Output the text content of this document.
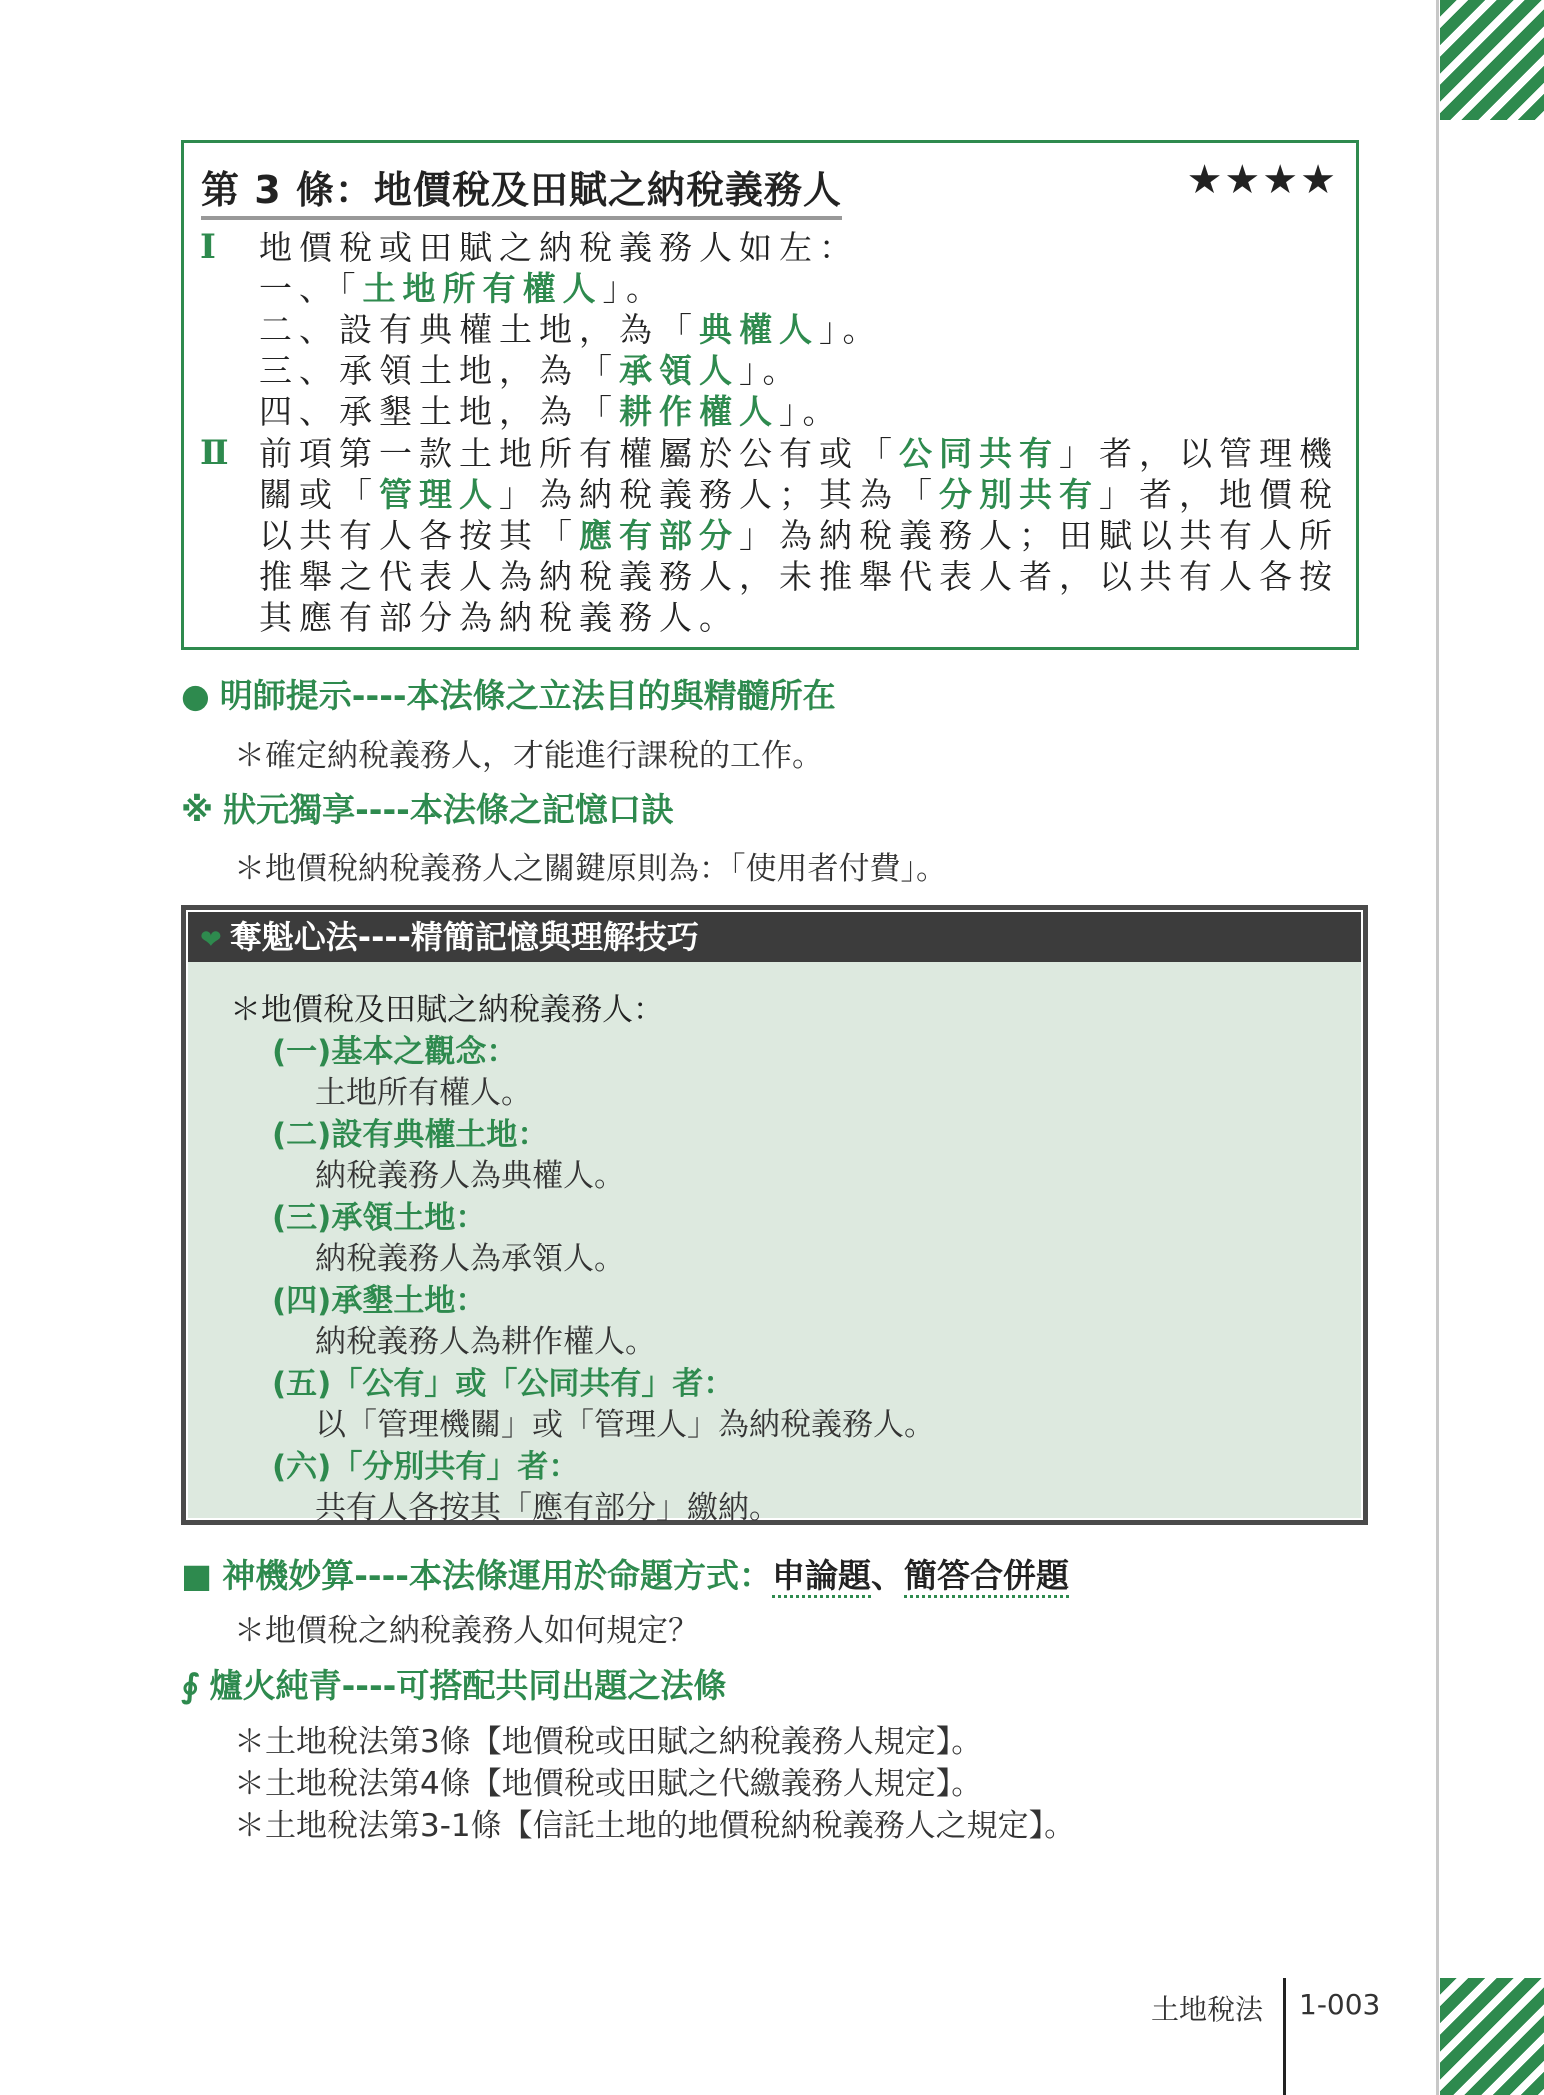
第 3 條：地價稅及田賦之納稅義務人	★★★★
Ⅰ 地價稅或田賦之納稅義務人如左：
一、「土地所有權人」。
二、設有典權土地，為「典權人」。
三、承領土地，為「承領人」。
四、承墾土地，為「耕作權人」。
Ⅱ 前項第一款土地所有權屬於公有或「公同共有」者，以管理機
關或「管理人」為納稅義務人；其為「分別共有」者，地價稅
以共有人各按其「應有部分」為納稅義務人；田賦以共有人所
推舉之代表人為納稅義務人，未推舉代表人者，以共有人各按
其應有部分為納稅義務人。
● 明師提示----本法條之立法目的與精髓所在
＊確定納稅義務人，才能進行課稅的工作。
※ 狀元獨享----本法條之記憶口訣
＊地價稅納稅義務人之關鍵原則為：「使用者付費」。
❤ 奪魁心法----精簡記憶與理解技巧
＊地價稅及田賦之納稅義務人：
(一)基本之觀念：
土地所有權人。
(二)設有典權土地：
納稅義務人為典權人。
(三)承領土地：
納稅義務人為承領人。
(四)承墾土地：
納稅義務人為耕作權人。
(五)「公有」或「公同共有」者：
以「管理機關」或「管理人」為納稅義務人。
(六)「分別共有」者：
共有人各按其「應有部分」繳納。
■ 神機妙算----本法條運用於命題方式：申論題、簡答合併題
＊地價稅之納稅義務人如何規定？
∮ 爐火純青----可搭配共同出題之法條
＊土地稅法第3條【地價稅或田賦之納稅義務人規定】。
＊土地稅法第4條【地價稅或田賦之代繳義務人規定】。
＊土地稅法第3-1條【信託土地的地價稅納稅義務人之規定】。
土地稅法 1-003
